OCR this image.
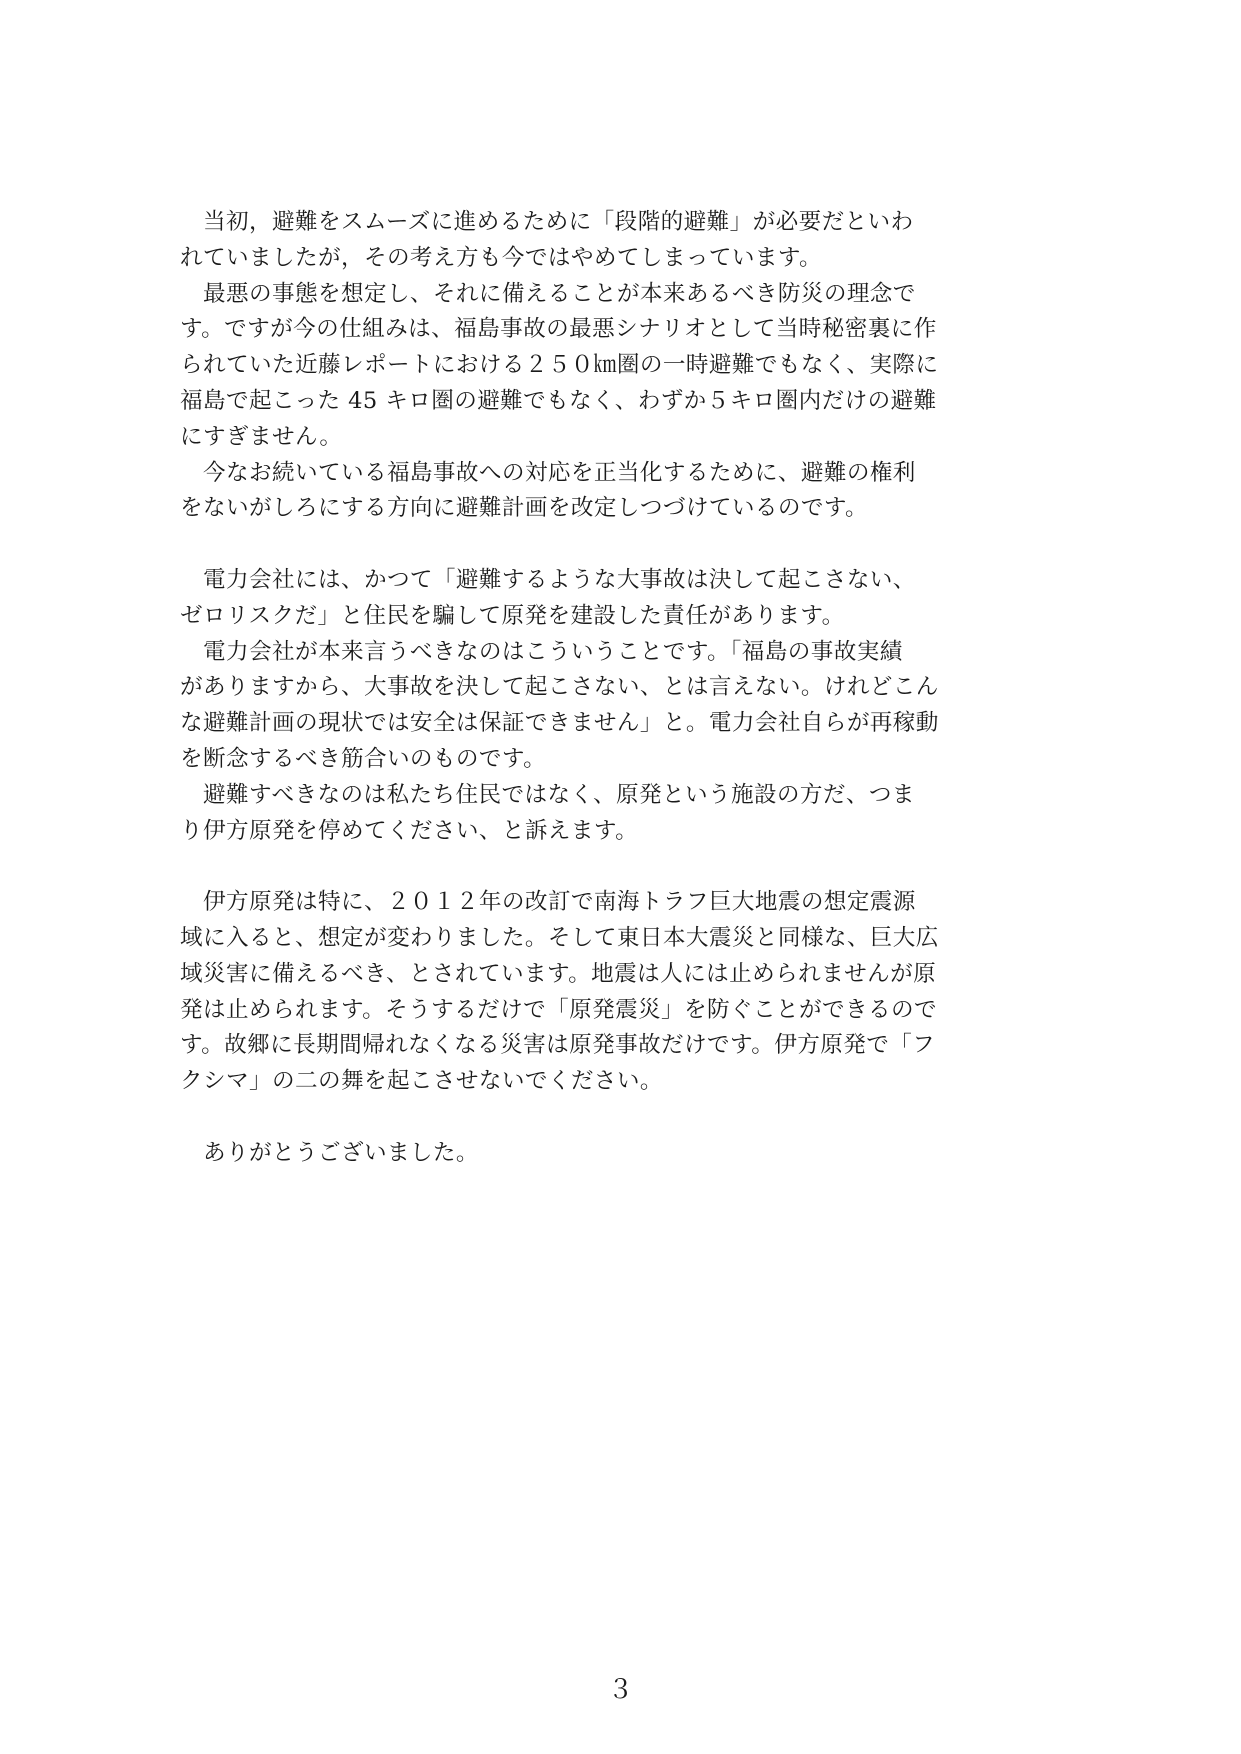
　当初，避難をスムーズに進めるために「段階的避難」が必要だといわ
れていましたが，その考え方も今ではやめてしまっています。
　最悪の事態を想定し、それに備えることが本来あるべき防災の理念で
す。ですが今の仕組みは、福島事故の最悪シナリオとして当時秘密裏に作
られていた近藤レポートにおける２５０㎞圏の一時避難でもなく、実際に
福島で起こった 45 キロ圏の避難でもなく、わずか５キロ圏内だけの避難
にすぎません。
　今なお続いている福島事故への対応を正当化するために、避難の権利
をないがしろにする方向に避難計画を改定しつづけているのです。
　電力会社には、かつて「避難するような大事故は決して起こさない、
ゼロリスクだ」と住民を騙して原発を建設した責任があります。
　電力会社が本来言うべきなのはこういうことです。「福島の事故実績
がありますから、大事故を決して起こさない、とは言えない。けれどこん
な避難計画の現状では安全は保証できません」と。電力会社自らが再稼動
を断念するべき筋合いのものです。
　避難すべきなのは私たち住民ではなく、原発という施設の方だ、つま
り伊方原発を停めてください、と訴えます。
　伊方原発は特に、２０１２年の改訂で南海トラフ巨大地震の想定震源
域に入ると、想定が変わりました。そして東日本大震災と同様な、巨大広
域災害に備えるべき、とされています。地震は人には止められませんが原
発は止められます。そうするだけで「原発震災」を防ぐことができるので
す。故郷に長期間帰れなくなる災害は原発事故だけです。伊方原発で「フ
クシマ」の二の舞を起こさせないでください。
　ありがとうございました。
３
